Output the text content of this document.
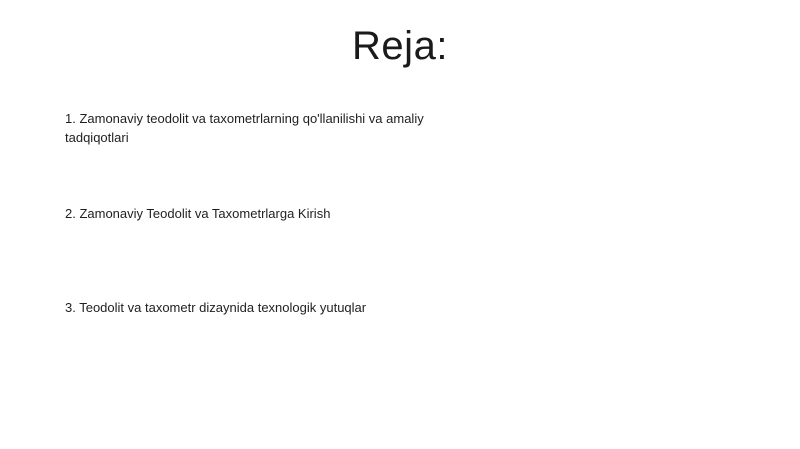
Reja:

1. Zamonaviy teodolit va taxometrlarning qo'llanilishi va amaliy tadqiqotlari

2. Zamonaviy Teodolit va Taxometrlarga Kirish

3. Teodolit va taxometr dizaynida texnologik yutuqlar
